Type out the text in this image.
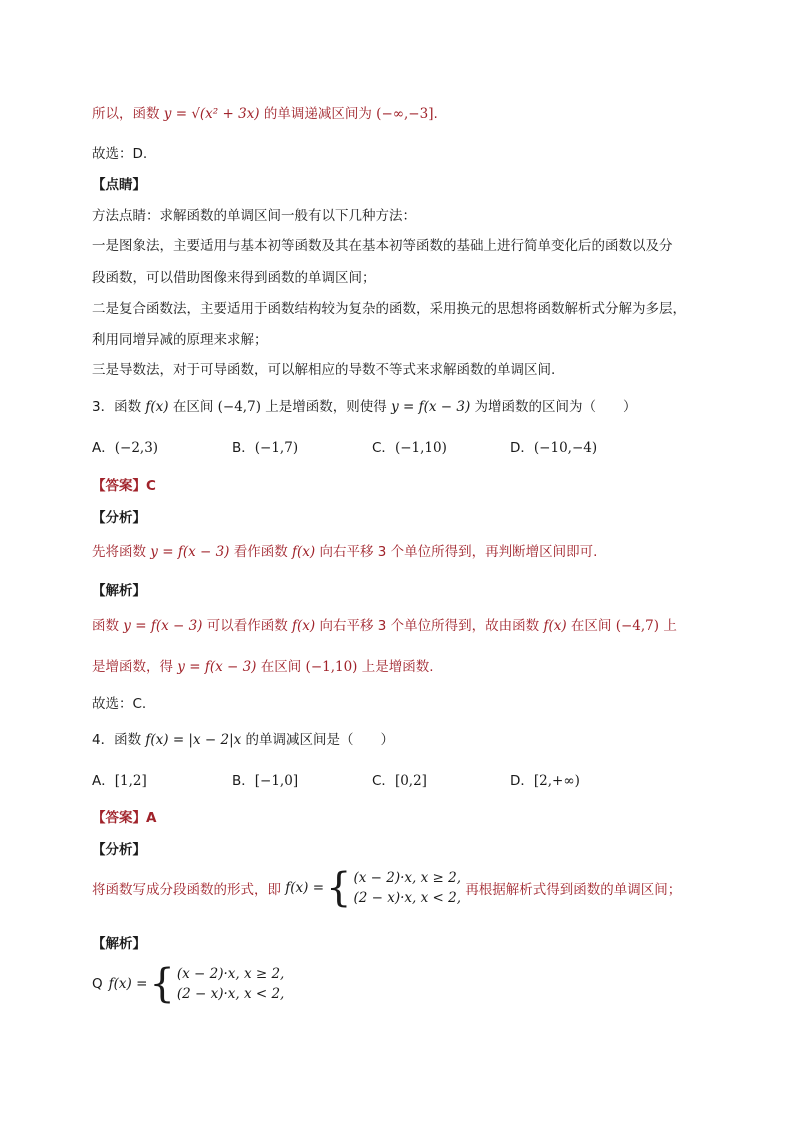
所以，函数 y = √(x² + 3x) 的单调递减区间为 (−∞,−3].
故选：D.
【点睛】
方法点睛：求解函数的单调区间一般有以下几种方法：
一是图象法，主要适用与基本初等函数及其在基本初等函数的基础上进行简单变化后的函数以及分
段函数，可以借助图像来得到函数的单调区间；
二是复合函数法，主要适用于函数结构较为复杂的函数，采用换元的思想将函数解析式分解为多层，
利用同增异减的原理来求解；
三是导数法，对于可导函数，可以解相应的导数不等式来求解函数的单调区间.
3．函数 f(x) 在区间 (−4,7) 上是增函数，则使得 y = f(x − 3) 为增函数的区间为（　　）
A．(−2,3)	B．(−1,7)	C．(−1,10)	D．(−10,−4)
【答案】C
【分析】
先将函数 y = f(x − 3) 看作函数 f(x) 向右平移 3 个单位所得到，再判断增区间即可.
【解析】
函数 y = f(x − 3) 可以看作函数 f(x) 向右平移 3 个单位所得到，故由函数 f(x) 在区间 (−4,7) 上
是增函数，得 y = f(x − 3) 在区间 (−1,10) 上是增函数.
故选：C.
4．函数 f(x) = |x − 2|x 的单调减区间是（　　）
A．[1,2]	B．[−1,0]	C．[0,2]	D．[2,+∞)
【答案】A
【分析】
将函数写成分段函数的形式，即 f(x) = { (x − 2)·x, x ≥ 2,
(2 − x)·x, x < 2, 再根据解析式得到函数的单调区间；
【解析】
Q f(x) = { (x − 2)·x, x ≥ 2,
(2 − x)·x, x < 2,
